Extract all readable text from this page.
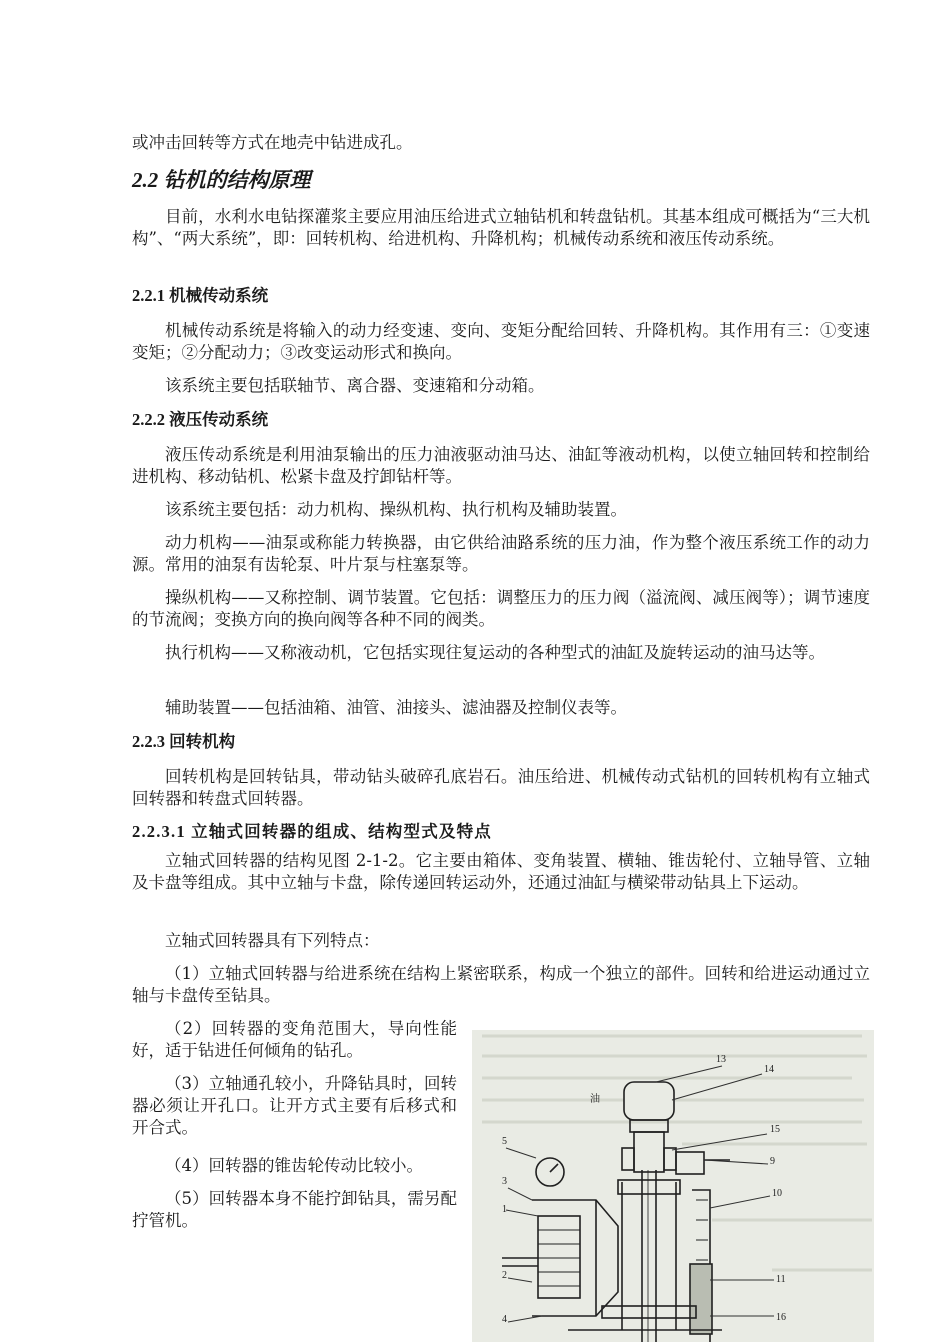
或冲击回转等方式在地壳中钻进成孔。

2.2 钻机的结构原理

目前，水利水电钻探灌浆主要应用油压给进式立轴钻机和转盘钻机。其基本组成可概括为“三大机构”、“两大系统”，即：回转机构、给进机构、升降机构；机械传动系统和液压传动系统。

2.2.1 机械传动系统

机械传动系统是将输入的动力经变速、变向、变矩分配给回转、升降机构。其作用有三：①变速变矩；②分配动力；③改变运动形式和换向。

该系统主要包括联轴节、离合器、变速箱和分动箱。

2.2.2 液压传动系统

液压传动系统是利用油泵输出的压力油液驱动油马达、油缸等液动机构，以使立轴回转和控制给进机构、移动钻机、松紧卡盘及拧卸钻杆等。

该系统主要包括：动力机构、操纵机构、执行机构及辅助装置。

动力机构——油泵或称能力转换器，由它供给油路系统的压力油，作为整个液压系统工作的动力源。常用的油泵有齿轮泵、叶片泵与柱塞泵等。

操纵机构——又称控制、调节装置。它包括：调整压力的压力阀（溢流阀、减压阀等）；调节速度的节流阀；变换方向的换向阀等各种不同的阀类。

执行机构——又称液动机，它包括实现往复运动的各种型式的油缸及旋转运动的油马达等。

辅助装置——包括油箱、油管、油接头、滤油器及控制仪表等。

2.2.3 回转机构

回转机构是回转钻具，带动钻头破碎孔底岩石。油压给进、机械传动式钻机的回转机构有立轴式回转器和转盘式回转器。

2.2.3.1 立轴式回转器的组成、结构型式及特点

立轴式回转器的结构见图 2-1-2。它主要由箱体、变角装置、横轴、锥齿轮付、立轴导管、立轴及卡盘等组成。其中立轴与卡盘，除传递回转运动外，还通过油缸与横梁带动钻具上下运动。

立轴式回转器具有下列特点：

（1）立轴式回转器与给进系统在结构上紧密联系，构成一个独立的部件。回转和给进运动通过立轴与卡盘传至钻具。

（2）回转器的变角范围大，导向性能好，适于钻进任何倾角的钻孔。

（3）立轴通孔较小，升降钻具时，回转器必须让开孔口。让开方式主要有后移式和开合式。

（4）回转器的锥齿轮传动比较小。

（5）回转器本身不能拧卸钻具，需另配拧管机。

油
13
14
15
9
10
5
3
1
2
4
11
16
